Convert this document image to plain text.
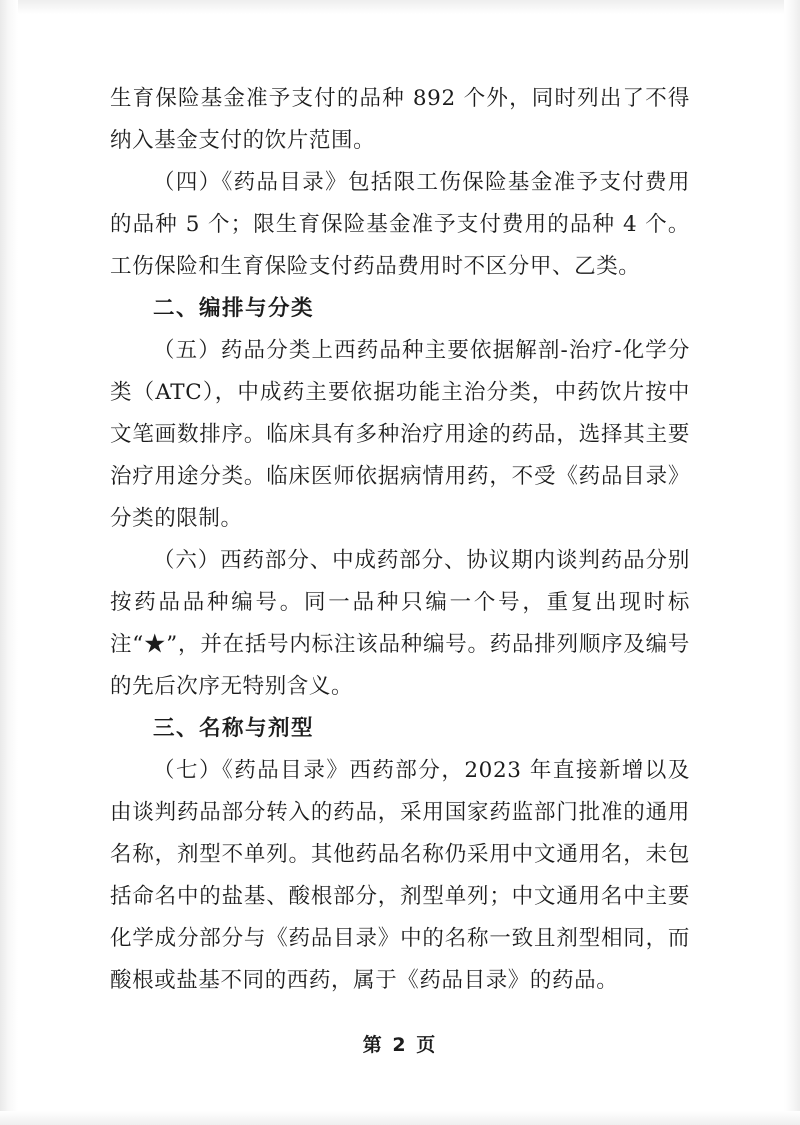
生育保险基金准予支付的品种 892 个外，同时列出了不得纳入基金支付的饮片范围。

（四）《药品目录》包括限工伤保险基金准予支付费用的品种 5 个；限生育保险基金准予支付费用的品种 4 个。工伤保险和生育保险支付药品费用时不区分甲、乙类。

二、编排与分类

（五）药品分类上西药品种主要依据解剖-治疗-化学分类（ATC），中成药主要依据功能主治分类，中药饮片按中文笔画数排序。临床具有多种治疗用途的药品，选择其主要治疗用途分类。临床医师依据病情用药，不受《药品目录》分类的限制。

（六）西药部分、中成药部分、协议期内谈判药品分别按药品品种编号。同一品种只编一个号，重复出现时标注“★”，并在括号内标注该品种编号。药品排列顺序及编号的先后次序无特别含义。

三、名称与剂型

（七）《药品目录》西药部分，2023 年直接新增以及由谈判药品部分转入的药品，采用国家药监部门批准的通用名称，剂型不单列。其他药品名称仍采用中文通用名，未包括命名中的盐基、酸根部分，剂型单列；中文通用名中主要化学成分部分与《药品目录》中的名称一致且剂型相同，而酸根或盐基不同的西药，属于《药品目录》的药品。

第 2 页
